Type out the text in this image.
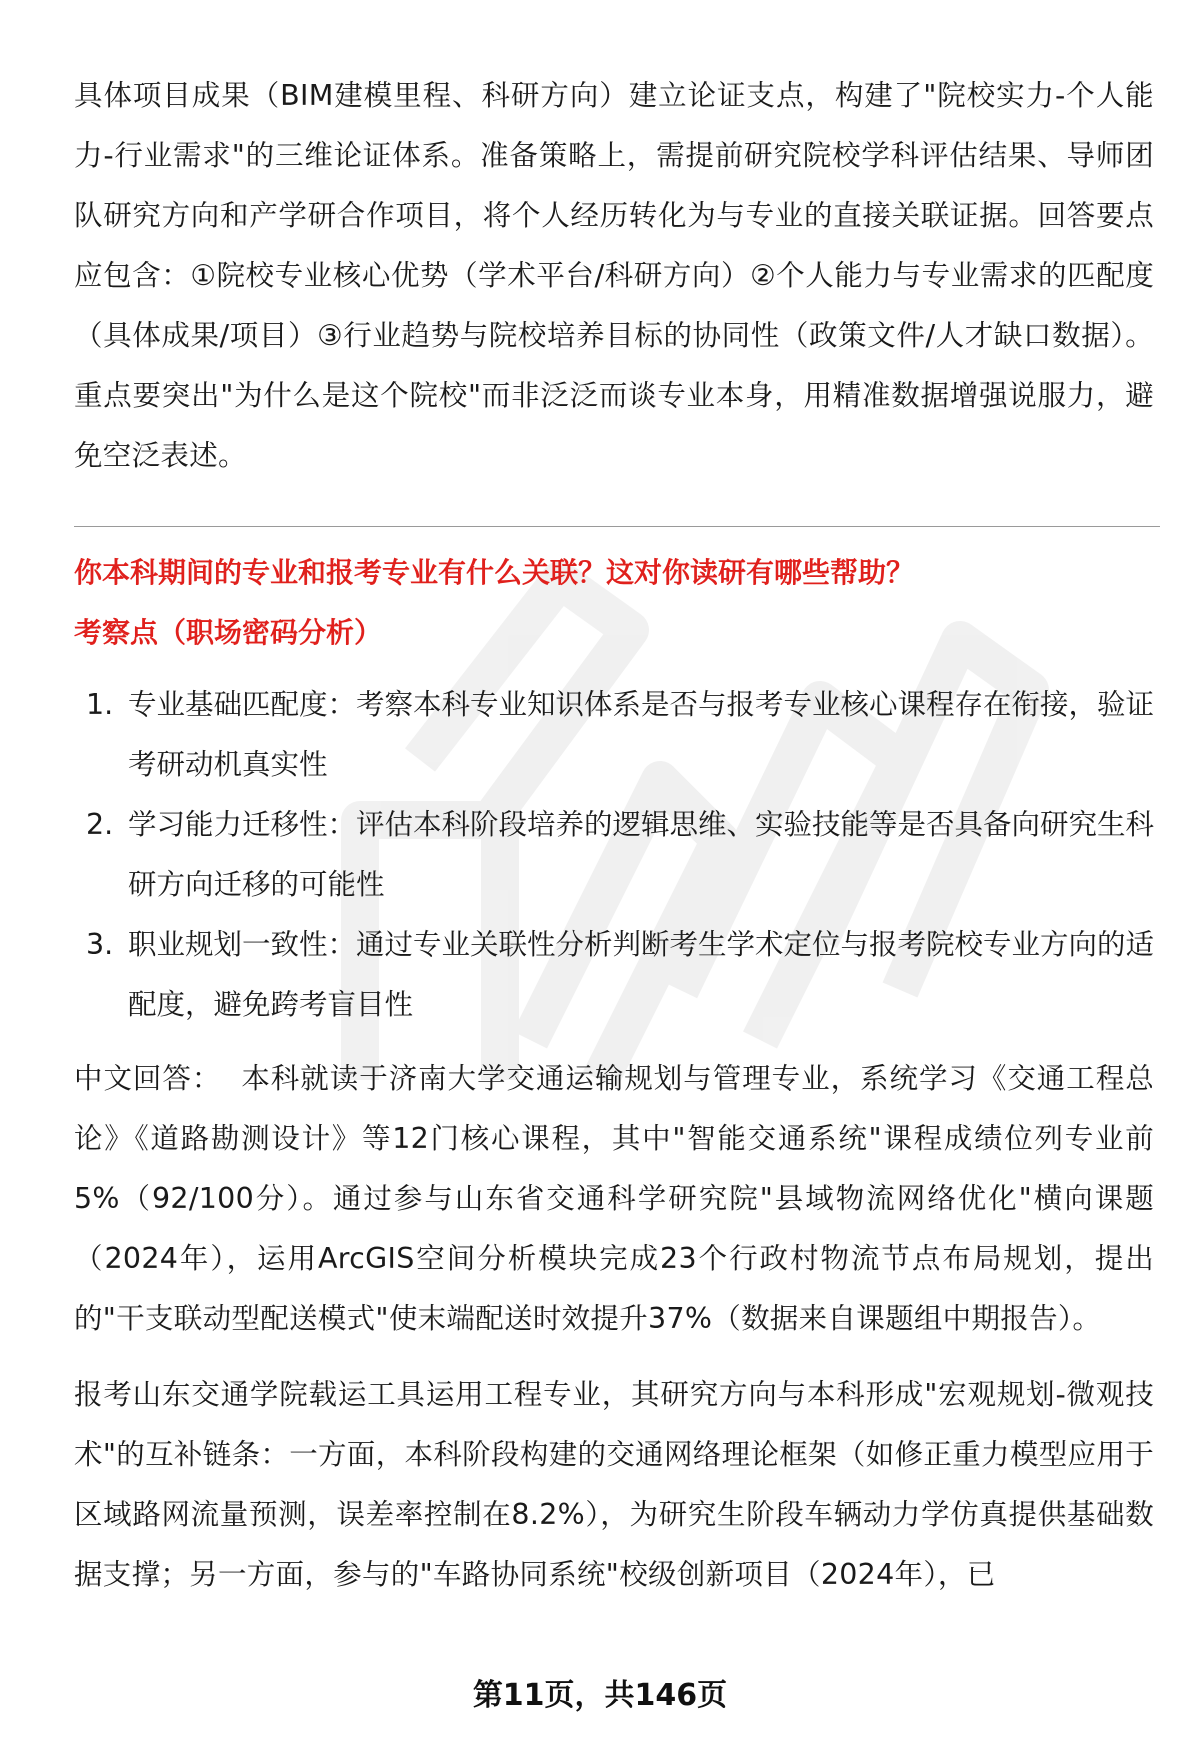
具体项目成果（BIM建模里程、科研方向）建立论证支点，构建了"院校实力-个人能力-行业需求"的三维论证体系。准备策略上，需提前研究院校学科评估结果、导师团队研究方向和产学研合作项目，将个人经历转化为与专业的直接关联证据。回答要点应包含：①院校专业核心优势（学术平台/科研方向）②个人能力与专业需求的匹配度（具体成果/项目）③行业趋势与院校培养目标的协同性（政策文件/人才缺口数据）。重点要突出"为什么是这个院校"而非泛泛而谈专业本身，用精准数据增强说服力，避免空泛表述。

你本科期间的专业和报考专业有什么关联？这对你读研有哪些帮助？

考察点（职场密码分析）

1. 专业基础匹配度：考察本科专业知识体系是否与报考专业核心课程存在衔接，验证考研动机真实性
2. 学习能力迁移性：评估本科阶段培养的逻辑思维、实验技能等是否具备向研究生科研方向迁移的可能性
3. 职业规划一致性：通过专业关联性分析判断考生学术定位与报考院校专业方向的适配度，避免跨考盲目性

中文回答：  本科就读于济南大学交通运输规划与管理专业，系统学习《交通工程总论》《道路勘测设计》等12门核心课程，其中"智能交通系统"课程成绩位列专业前5%（92/100分）。通过参与山东省交通科学研究院"县域物流网络优化"横向课题（2024年），运用ArcGIS空间分析模块完成23个行政村物流节点布局规划，提出的"干支联动型配送模式"使末端配送时效提升37%（数据来自课题组中期报告）。

报考山东交通学院载运工具运用工程专业，其研究方向与本科形成"宏观规划-微观技术"的互补链条：一方面，本科阶段构建的交通网络理论框架（如修正重力模型应用于区域路网流量预测，误差率控制在8.2%），为研究生阶段车辆动力学仿真提供基础数据支撑；另一方面，参与的"车路协同系统"校级创新项目（2024年），已

第11页，共146页
